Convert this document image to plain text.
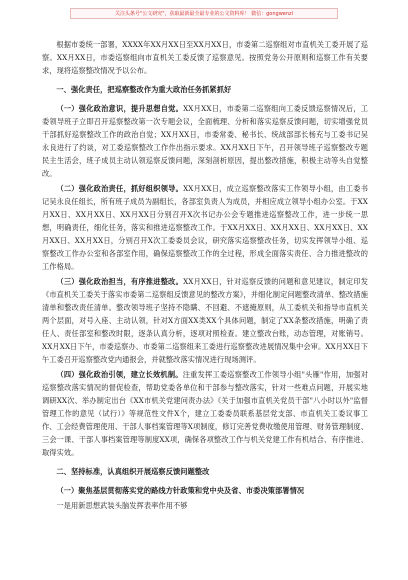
关注头条号"公文研究"，获取最新最全最专业的公文资料库！ 微信：gongwenzi

根据市委统一部署，XXXX年XX月XX日至XX月XX日，市委第二巡察组对市直机关工委开展了巡察。XX月XX日，市委巡察组向市直机关工委反馈了巡察意见。按照党务公开原则和巡察工作有关要求，现将巡察整改情况予以公布。

一、强化责任，把巡察整改作为重大政治任务抓紧抓好

（一）强化政治意识，提升思想自觉。XX月XX日，市委第二巡察组向工委反馈巡察情况后，工委领导班子立即召开巡察整改第一次专题会议，全面梳理、分析和落实巡察反馈问题，切实增强党员干部抓好巡察整改工作的政治自觉；XX月XX日，市委常委、秘书长、统战部部长杨充与工委书记吴永良进行了约谈，对工委巡察整改工作作出指示要求。XX月XX日下午，召开领导班子巡察整改专题民主生活会，班子成员主动认领巡察反馈问题，深刻剖析原因，提出整改措施，积极主动等头自觉整改。

（二）强化政治责任，抓好组织领导。XX月XX日，成立巡察整改落实工作领导小组，由工委书记吴永良任组长，所有班子成员为副组长，各部室负责人为成员，并相应成立领导小组办公室。于XX月XX日、XX月XX日、XX月XX日分别召开X次书记办公会专题推进巡察整改工作，进一步统一思想，明确责任，细化任务，落实和推进巡察整改工作。于XX月XX日、XX月XX日、XX月XX日、XX月XX日、XX月XX日，分别召开X次工委委员会议，研究落实巡察整改任务，切实发挥领导小组、巡察整改工作办公室和各部室作用，确保巡察整改工作的全过程，形成全面落实责任、合力推进整改的工作格局。

（三）强化政治担当，有序推进整改。XX月XX日，针对巡察反馈的问题和意见建议，制定印发《市直机关工委关于落实市委第二巡察组反馈意见的整改方案》，并细化制定问题整改清单、整改措施清单和整改责任清单。整改领导班子坚持不隐瞒、不回避、不遮掩原则，从工委机关和指导市直机关两个层面，对号入座、主动认领，针对X方面XX类XX个具体问题，制定了XX条整改措施，明确了责任人、责任部室和整改时限，逐条认真分析，逐项对照检查。建立整改台账，动态管理，对账销号。XX月XX日下午，市委巡察办、市委第二巡察组来工委进行巡察整改进展情况集中会审。XX月XX日下午工委召开巡察整改党内通报会，并就整改落实情况进行现场测评。

（四）强化政治引领，建立长效机制。注重发挥工委巡察整改工作领导小组"头雁"作用，加强对巡察整改落实情况的督促检查，帮助党委各单位和干部参与整改落实，针对一些难点问题，开展实地调研XX次、举办制定出台《XX市机关党建问责办法》《关于加强市直机关党员干部"八小时以外"监督管理工作的意见（试行）》等规范性文件X个，建立工委委员联系基层党支部、市直机关工委议事工作、工会经费管理使用、干部人事档案管理等X项制度，修订完善党费收缴使用管理、财务管理制度、三会一课、干部人事档案管理等制度XX项，确保各项整改工作与机关党建工作有机结合、有序推进、取得实效。

二、坚持标准，认真组织开展巡察反馈问题整改

（一）聚焦基层贯彻落实党的路线方针政策和党中央及省、市委决策部署情况

一是用新思想武装头脑发挥表率作用不够
